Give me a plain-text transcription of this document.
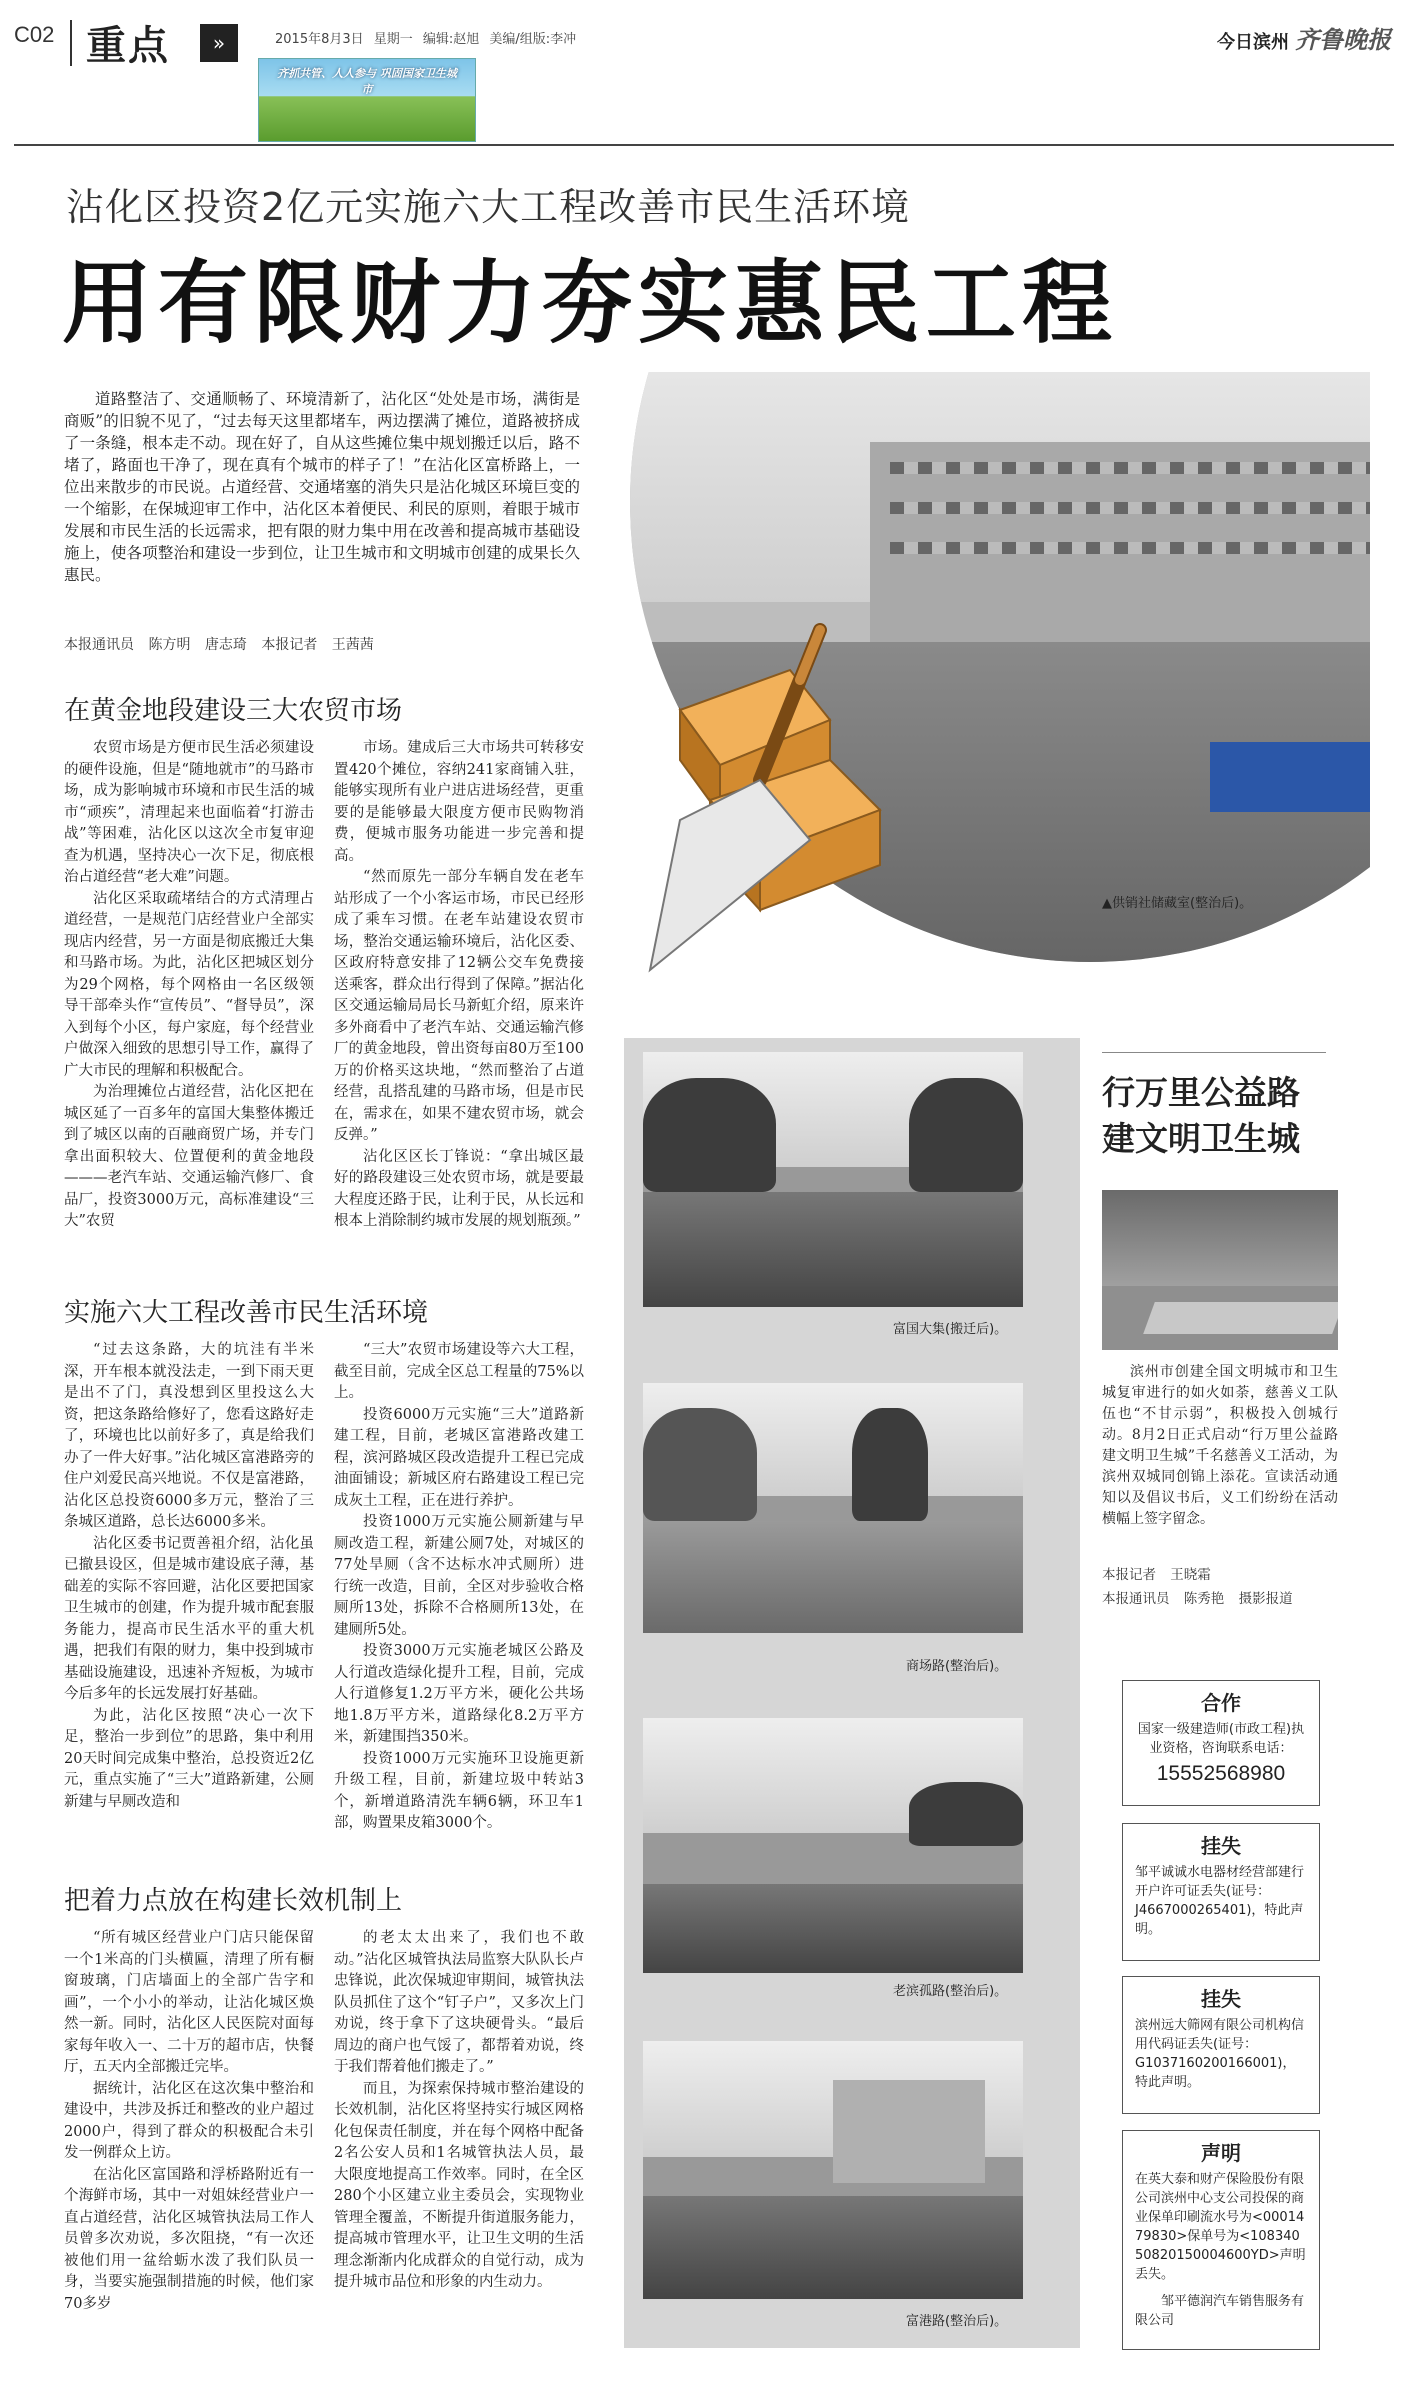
C02 重点	»	2015年8月3日 星期一 编辑:赵旭 美编/组版:李冲	今日滨州 齐鲁晚报
齐抓共管、人人参与 巩固国家卫生城市
沾化区投资2亿元实施六大工程改善市民生活环境
用有限财力夯实惠民工程
道路整洁了、交通顺畅了、环境清新了，沾化区“处处是市场，满街是商贩”的旧貌不见了，“过去每天这里都堵车，两边摆满了摊位，道路被挤成了一条缝，根本走不动。现在好了，自从这些摊位集中规划搬迁以后，路不堵了，路面也干净了，现在真有个城市的样子了！”在沾化区富桥路上，一位出来散步的市民说。占道经营、交通堵塞的消失只是沾化城区环境巨变的一个缩影，在保城迎审工作中，沾化区本着便民、利民的原则，着眼于城市发展和市民生活的长远需求，把有限的财力集中用在改善和提高城市基础设施上，使各项整治和建设一步到位，让卫生城市和文明城市创建的成果长久惠民。
本报通讯员 陈方明 唐志琦 本报记者 王茜茜
▲供销社储藏室(整治后)。
在黄金地段建设三大农贸市场

农贸市场是方便市民生活必须建设的硬件设施，但是“随地就市”的马路市场，成为影响城市环境和市民生活的城市“顽疾”，清理起来也面临着“打游击战”等困难，沾化区以这次全市复审迎查为机遇，坚持决心一次下足，彻底根治占道经营“老大难”问题。

沾化区采取疏堵结合的方式清理占道经营，一是规范门店经营业户全部实现店内经营，另一方面是彻底搬迁大集和马路市场。为此，沾化区把城区划分为29个网格，每个网格由一名区级领导干部牵头作“宣传员”、“督导员”，深入到每个小区，每户家庭，每个经营业户做深入细致的思想引导工作，赢得了广大市民的理解和积极配合。

为治理摊位占道经营，沾化区把在城区延了一百多年的富国大集整体搬迁到了城区以南的百融商贸广场，并专门拿出面积较大、位置便利的黄金地段———老汽车站、交通运输汽修厂、食品厂，投资3000万元，高标准建设“三大”农贸

市场。建成后三大市场共可转移安置420个摊位，容纳241家商铺入驻，能够实现所有业户进店进场经营，更重要的是能够最大限度方便市民购物消费，便城市服务功能进一步完善和提高。

“然而原先一部分车辆自发在老车站形成了一个小客运市场，市民已经形成了乘车习惯。在老车站建设农贸市场，整治交通运输环境后，沾化区委、区政府特意安排了12辆公交车免费接送乘客，群众出行得到了保障。”据沾化区交通运输局局长马新虹介绍，原来许多外商看中了老汽车站、交通运输汽修厂的黄金地段，曾出资每亩80万至100万的价格买这块地，“然而整治了占道经营，乱搭乱建的马路市场，但是市民在，需求在，如果不建农贸市场，就会反弹。”

沾化区区长丁锋说：“拿出城区最好的路段建设三处农贸市场，就是要最大程度还路于民，让利于民，从长远和根本上消除制约城市发展的规划瓶颈。”

实施六大工程改善市民生活环境

“过去这条路，大的坑洼有半米深，开车根本就没法走，一到下雨天更是出不了门，真没想到区里投这么大资，把这条路给修好了，您看这路好走了，环境也比以前好多了，真是给我们办了一件大好事。”沾化城区富港路旁的住户刘爱民高兴地说。不仅是富港路，沾化区总投资6000多万元，整治了三条城区道路，总长达6000多米。

沾化区委书记贾善祖介绍，沾化虽已撤县设区，但是城市建设底子薄，基础差的实际不容回避，沾化区要把国家卫生城市的创建，作为提升城市配套服务能力，提高市民生活水平的重大机遇，把我们有限的财力，集中投到城市基础设施建设，迅速补齐短板，为城市今后多年的长远发展打好基础。

为此，沾化区按照“决心一次下足，整治一步到位”的思路，集中利用20天时间完成集中整治，总投资近2亿元，重点实施了“三大”道路新建，公厕新建与早厕改造和

“三大”农贸市场建设等六大工程，截至目前，完成全区总工程量的75%以上。

投资6000万元实施“三大”道路新建工程，目前，老城区富港路改建工程，滨河路城区段改造提升工程已完成油面铺设；新城区府右路建设工程已完成灰土工程，正在进行养护。

投资1000万元实施公厕新建与早厕改造工程，新建公厕7处，对城区的77处旱厕（含不达标水冲式厕所）进行统一改造，目前，全区对步验收合格厕所13处，拆除不合格厕所13处，在建厕所5处。

投资3000万元实施老城区公路及人行道改造绿化提升工程，目前，完成人行道修复1.2万平方米，硬化公共场地1.8万平方米，道路绿化8.2万平方米，新建围挡350米。

投资1000万元实施环卫设施更新升级工程，目前，新建垃圾中转站3个，新增道路清洗车辆6辆，环卫车1部，购置果皮箱3000个。

把着力点放在构建长效机制上

“所有城区经营业户门店只能保留一个1米高的门头横匾，清理了所有橱窗玻璃，门店墙面上的全部广告字和画”，一个小小的举动，让沾化城区焕然一新。同时，沾化区人民医院对面每家每年收入一、二十万的超市店，快餐厅，五天内全部搬迁完毕。

据统计，沾化区在这次集中整治和建设中，共涉及拆迁和整改的业户超过2000户，得到了群众的积极配合未引发一例群众上访。

在沾化区富国路和浮桥路附近有一个海鲜市场，其中一对姐妹经营业户一直占道经营，沾化区城管执法局工作人员曾多次劝说，多次阻挠，“有一次还被他们用一盆给蛎水泼了我们队员一身，当要实施强制措施的时候，他们家70多岁

的老太太出来了，我们也不敢动。”沾化区城管执法局监察大队队长卢忠锋说，此次保城迎审期间，城管执法队员抓住了这个“钉子户”，又多次上门劝说，终于拿下了这块硬骨头。“最后周边的商户也气馁了，都帮着劝说，终于我们帮着他们搬走了。”

而且，为探索保持城市整治建设的长效机制，沾化区将坚持实行城区网格化包保责任制度，并在每个网格中配备2名公安人员和1名城管执法人员，最大限度地提高工作效率。同时，在全区280个小区建立业主委员会，实现物业管理全覆盖，不断提升街道服务能力，提高城市管理水平，让卫生文明的生活理念渐渐内化成群众的自觉行动，成为提升城市品位和形象的内生动力。

富国大集(搬迁后)。
商场路(整治后)。
老滨孤路(整治后)。
富港路(整治后)。
行万里公益路
建文明卫生城
滨州市创建全国文明城市和卫生城复审进行的如火如荼，慈善义工队伍也“不甘示弱”，积极投入创城行动。8月2日正式启动“行万里公益路 建文明卫生城”千名慈善义工活动，为滨州双城同创锦上添花。宣读活动通知以及倡议书后，义工们纷纷在活动横幅上签字留念。
本报记者 王晓霜
本报通讯员 陈秀艳 摄影报道
合作
国家一级建造师(市政工程)执业资格，咨询联系电话：
15552568980
挂失
邹平诚诚水电器材经营部建行开户许可证丢失(证号：J4667000265401)，特此声明。
挂失
滨州远大筛网有限公司机构信用代码证丢失(证号：G1037160200166001)，特此声明。
声明
在英大泰和财产保险股份有限公司滨州中心支公司投保的商业保单印刷流水号为<0001479830>保单号为<10834050820150004600YD>声明丢失。
邹平德润汽车销售服务有限公司
